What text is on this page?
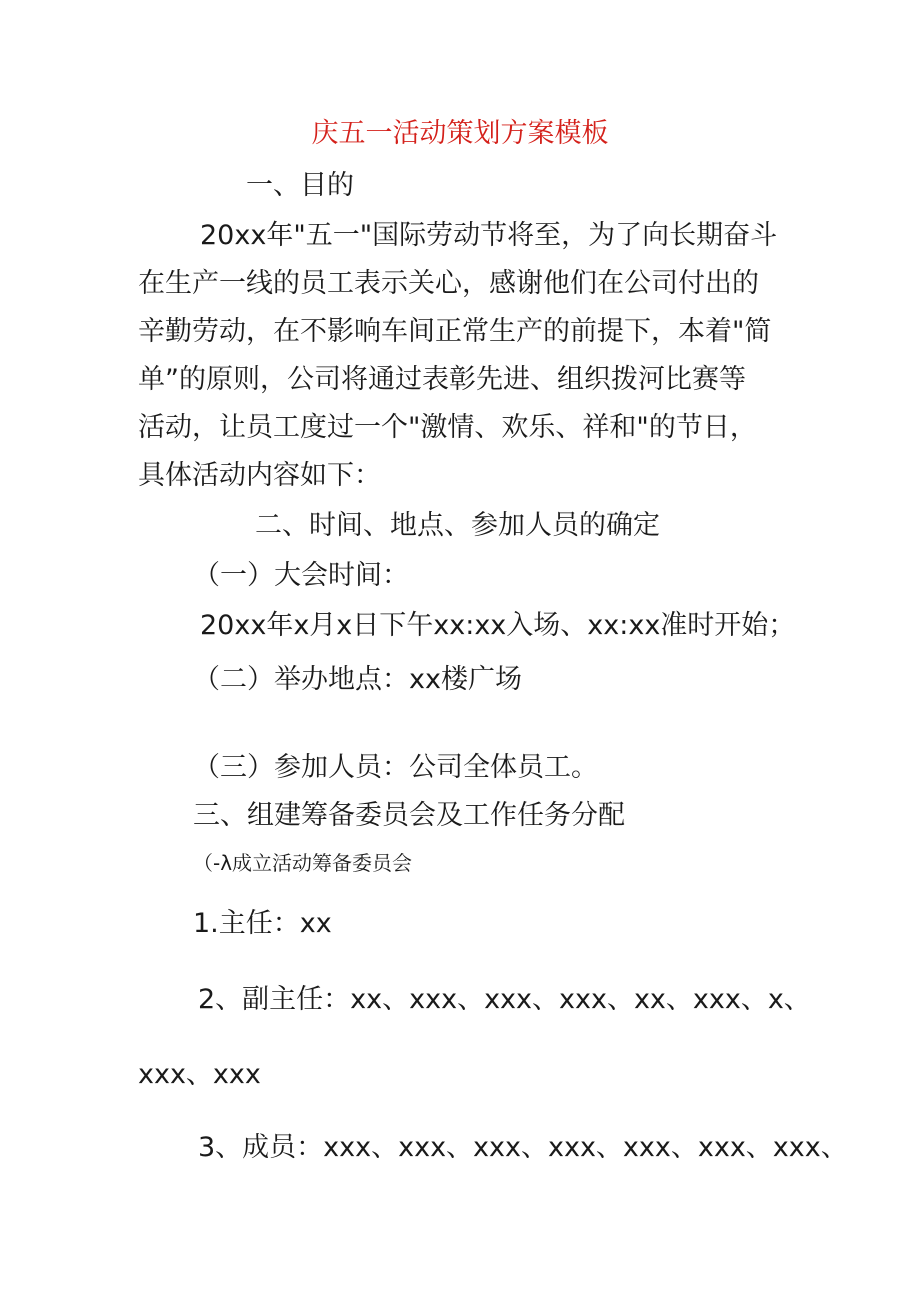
庆五一活动策划方案模板
一、目的
20xx年"五一"国际劳动节将至，为了向长期奋斗
在生产一线的员工表示关心，感谢他们在公司付出的
辛勤劳动，在不影响车间正常生产的前提下，本着"简
单”的原则，公司将通过表彰先进、组织拨河比赛等
活动，让员工度过一个"激情、欢乐、祥和"的节日，
具体活动内容如下：
二、时间、地点、参加人员的确定
（一）大会时间：
20xx年x月x日下午xx:xx入场、xx:xx准时开始；
（二）举办地点：xx楼广场
（三）参加人员：公司全体员工。
三、组建筹备委员会及工作任务分配
（-λ成立活动筹备委员会
1.主任：xx
2、副主任：xx、xxx、xxx、xxx、xx、xxx、x、
xxx、xxx
3、成员：xxx、xxx、xxx、xxx、xxx、xxx、xxx、
